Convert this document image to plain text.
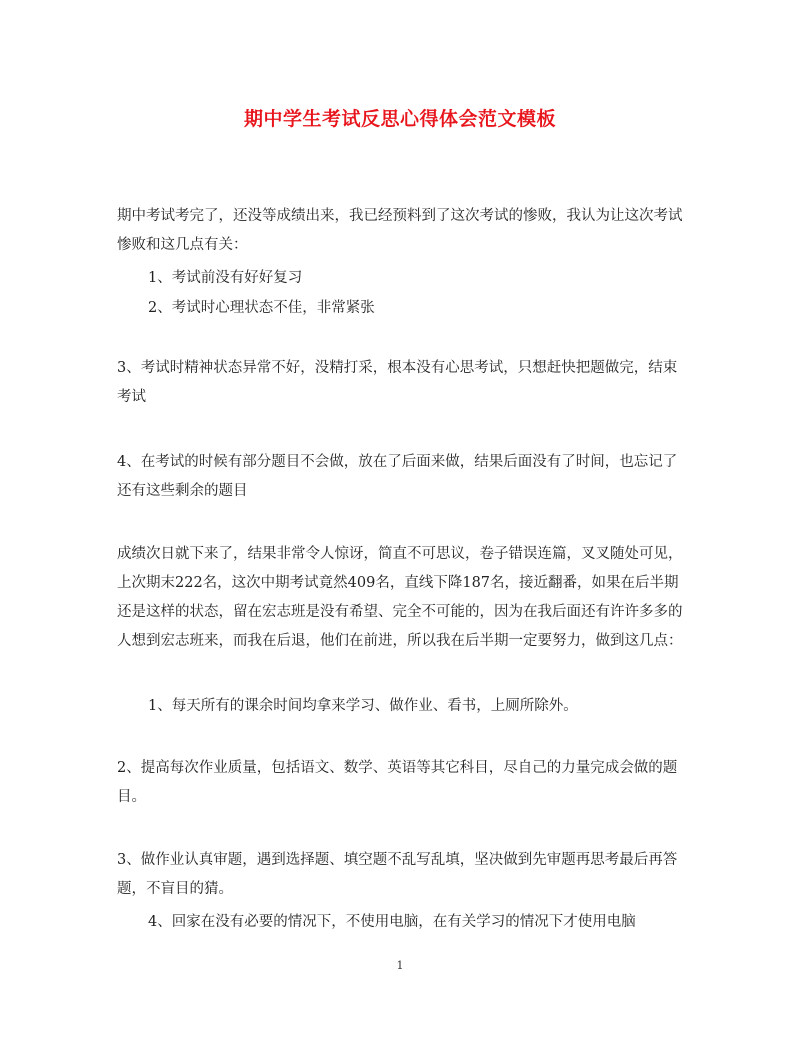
期中学生考试反思心得体会范文模板
期中考试考完了，还没等成绩出来，我已经预料到了这次考试的惨败，我认为让这次考试惨败和这几点有关：
1、考试前没有好好复习
2、考试时心理状态不佳，非常紧张
3、考试时精神状态异常不好，没精打采，根本没有心思考试，只想赶快把题做完，结束考试
4、在考试的时候有部分题目不会做，放在了后面来做，结果后面没有了时间，也忘记了还有这些剩余的题目
成绩次日就下来了，结果非常令人惊讶，简直不可思议，卷子错误连篇，叉叉随处可见，上次期末222名，这次中期考试竟然409名，直线下降187名，接近翻番，如果在后半期还是这样的状态，留在宏志班是没有希望、完全不可能的，因为在我后面还有许许多多的人想到宏志班来，而我在后退，他们在前进，所以我在后半期一定要努力，做到这几点：
1、每天所有的课余时间均拿来学习、做作业、看书，上厕所除外。
2、提高每次作业质量，包括语文、数学、英语等其它科目，尽自己的力量完成会做的题目。
3、做作业认真审题，遇到选择题、填空题不乱写乱填，坚决做到先审题再思考最后再答题，不盲目的猜。
4、回家在没有必要的情况下，不使用电脑，在有关学习的情况下才使用电脑
1
